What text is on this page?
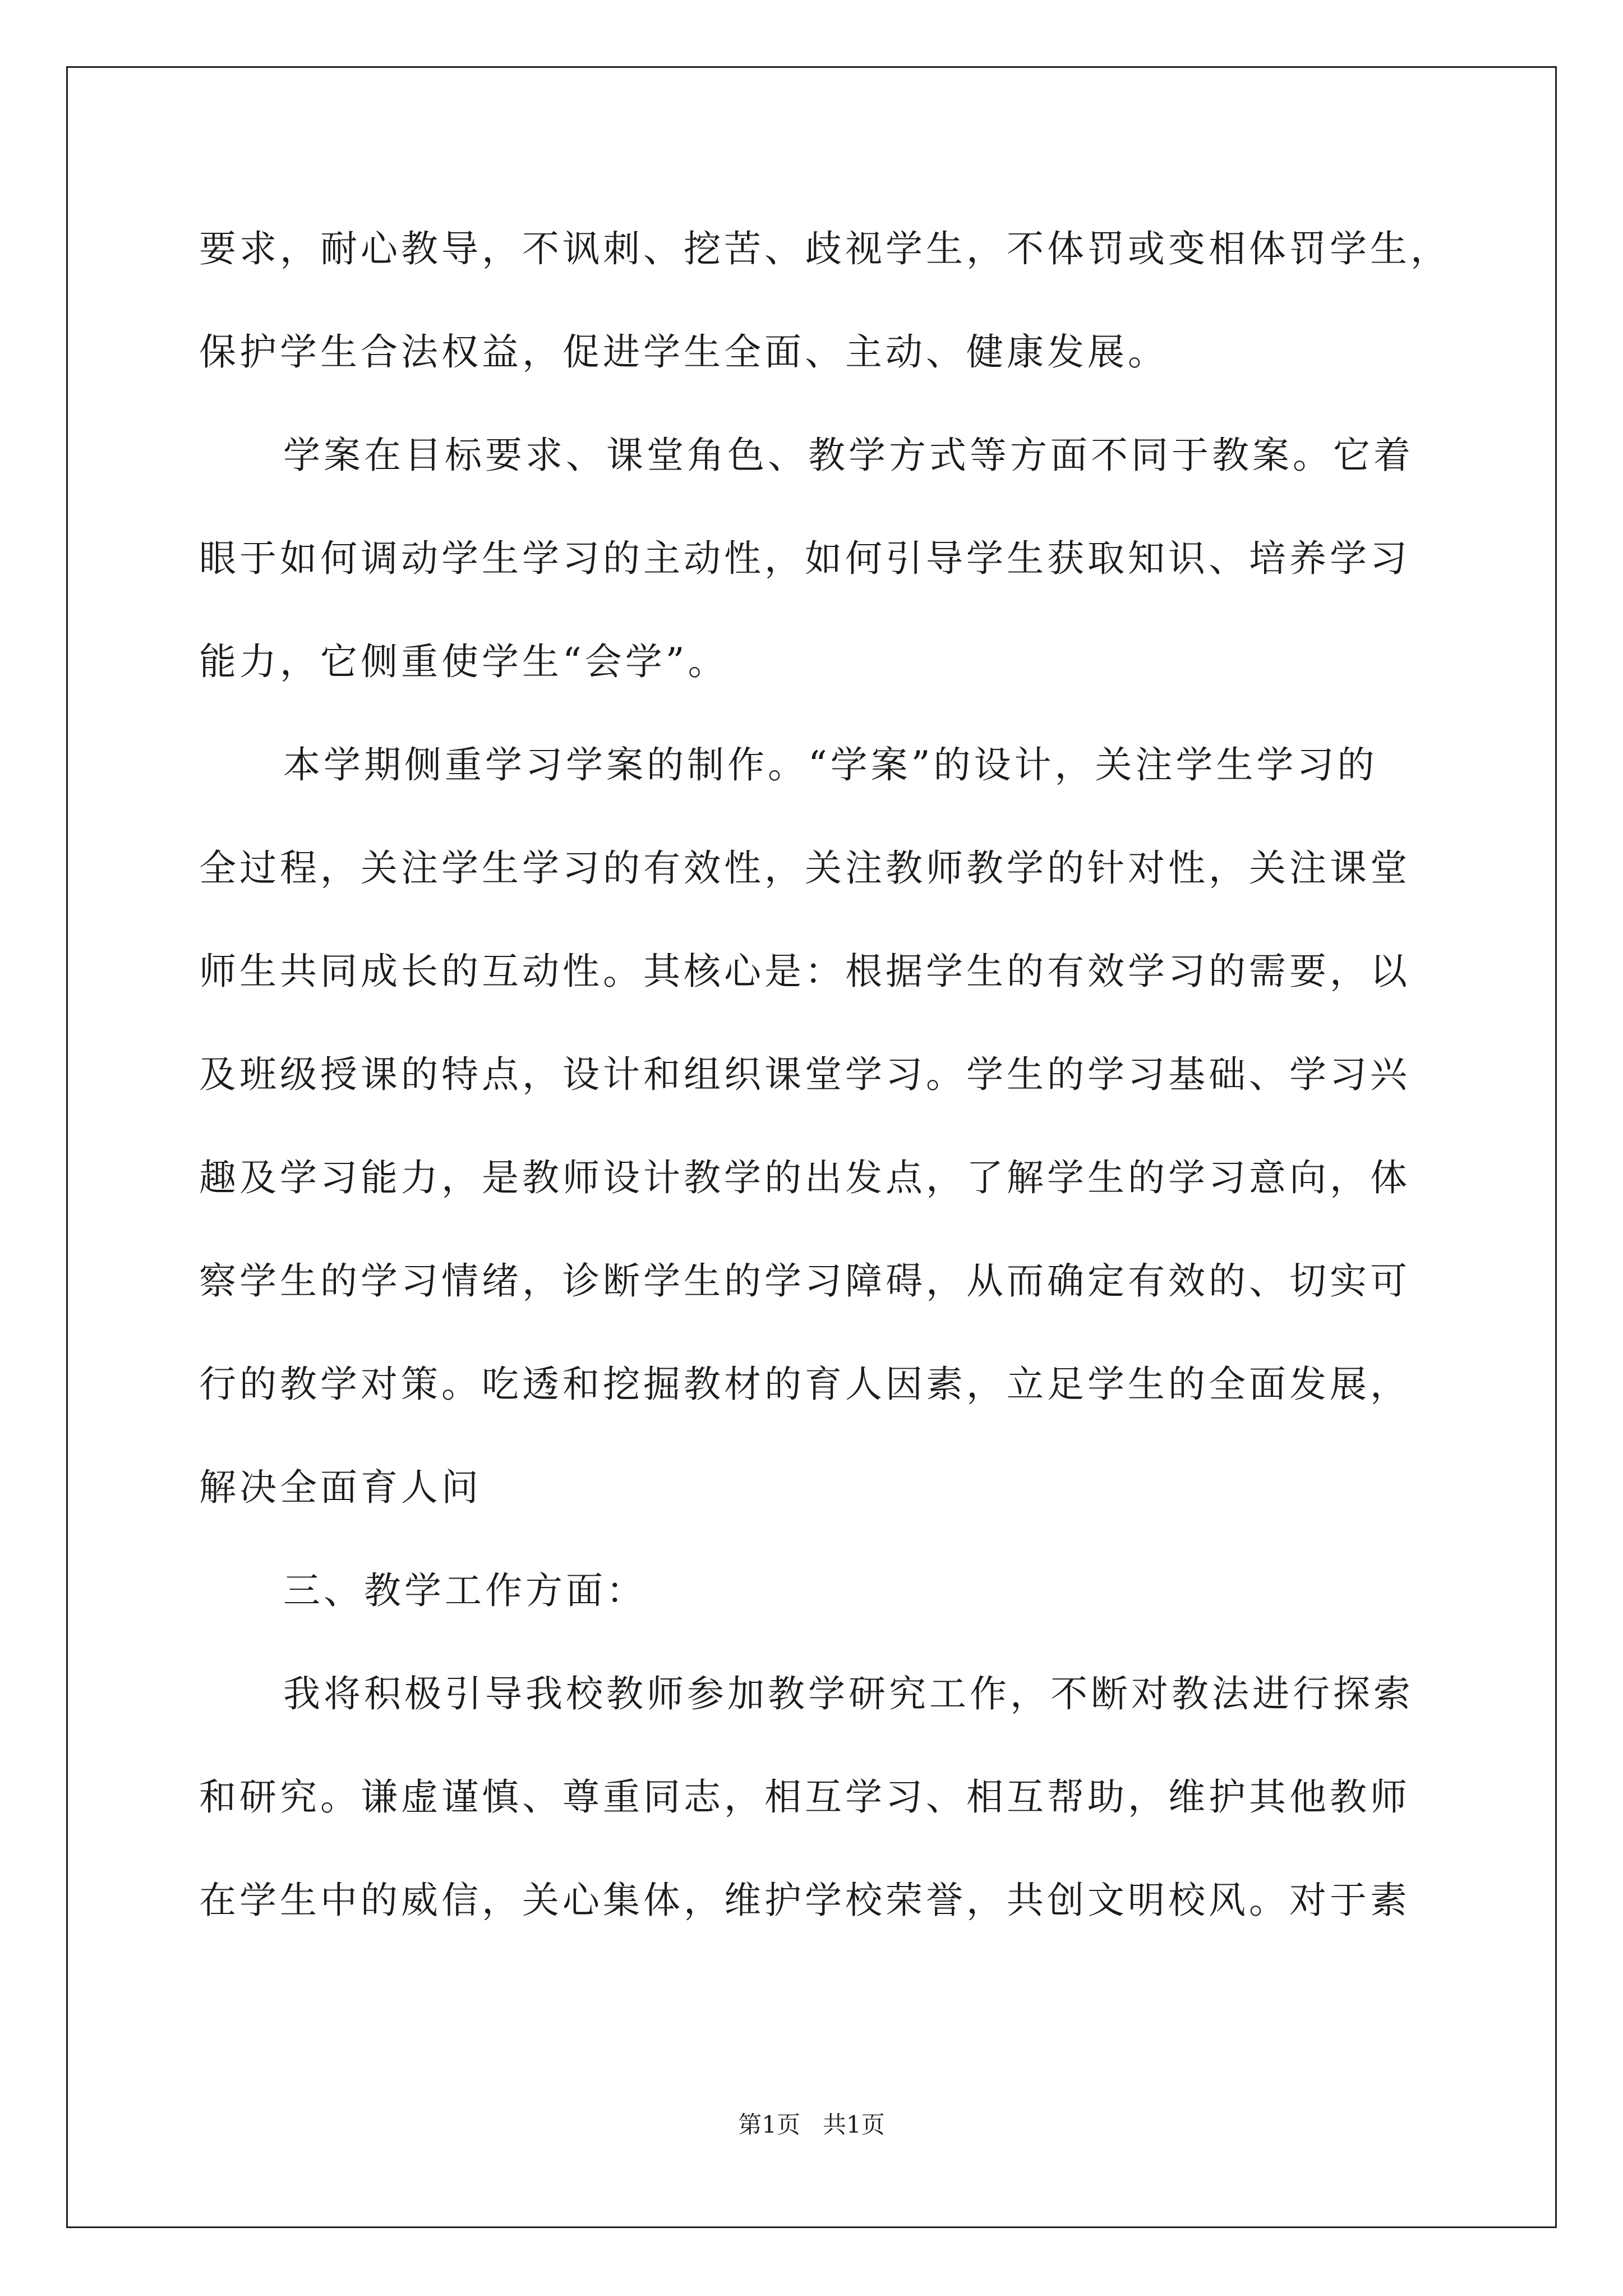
要求，耐心教导，不讽刺、挖苦、歧视学生，不体罚或变相体罚学生，
保护学生合法权益，促进学生全面、主动、健康发展。
学案在目标要求、课堂角色、教学方式等方面不同于教案。它着
眼于如何调动学生学习的主动性，如何引导学生获取知识、培养学习
能力，它侧重使学生“会学”。
本学期侧重学习学案的制作。“学案”的设计，关注学生学习的
全过程，关注学生学习的有效性，关注教师教学的针对性，关注课堂
师生共同成长的互动性。其核心是：根据学生的有效学习的需要，以
及班级授课的特点，设计和组织课堂学习。学生的学习基础、学习兴
趣及学习能力，是教师设计教学的出发点，了解学生的学习意向，体
察学生的学习情绪，诊断学生的学习障碍，从而确定有效的、切实可
行的教学对策。吃透和挖掘教材的育人因素，立足学生的全面发展，
解决全面育人问
三、教学工作方面：
我将积极引导我校教师参加教学研究工作，不断对教法进行探索
和研究。谦虚谨慎、尊重同志，相互学习、相互帮助，维护其他教师
在学生中的威信，关心集体，维护学校荣誉，共创文明校风。对于素
第1页   共1页
